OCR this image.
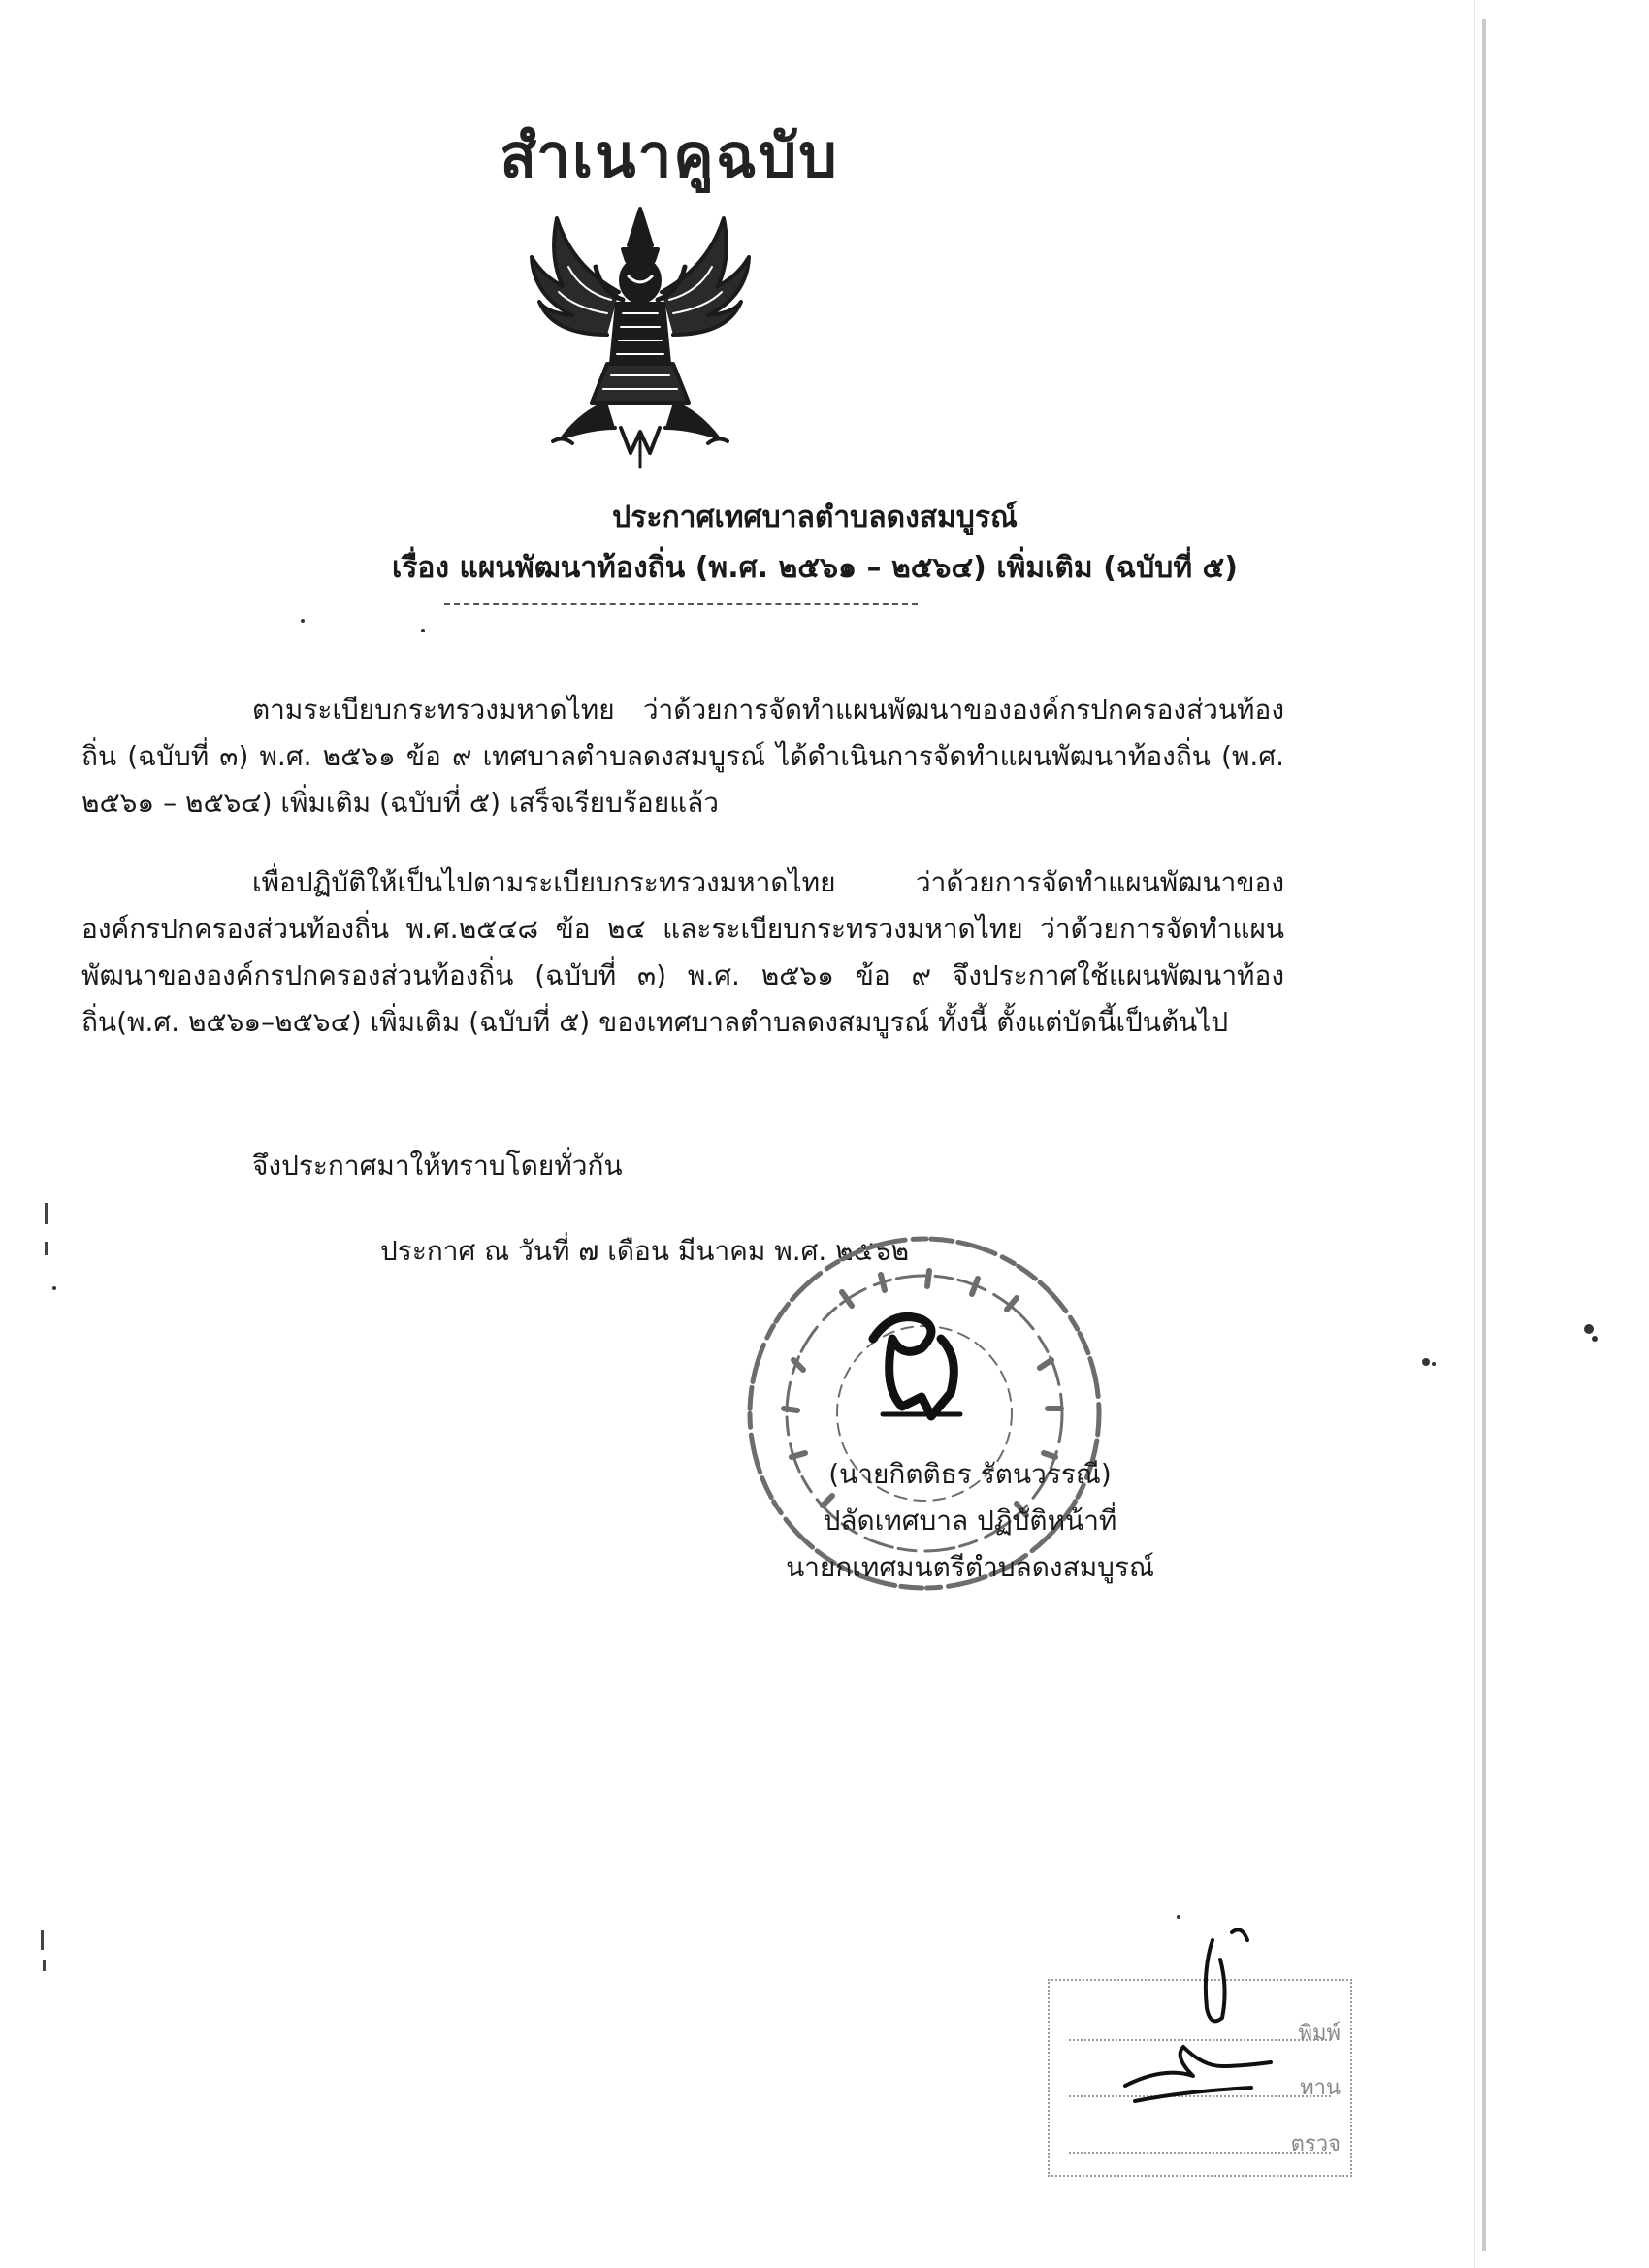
สำเนาคูฉบับ
ประกาศเทศบาลตำบลดงสมบูรณ์
เรื่อง แผนพัฒนาท้องถิ่น (พ.ศ. ๒๕๖๑ – ๒๕๖๔) เพิ่มเติม (ฉบับที่ ๕)
ตามระเบียบกระทรวงมหาดไทย ว่าด้วยการจัดทำแผนพัฒนาขององค์กรปกครองส่วนท้องถิ่น (ฉบับที่ ๓) พ.ศ. ๒๕๖๑ ข้อ ๙ เทศบาลตำบลดงสมบูรณ์ ได้ดำเนินการจัดทำแผนพัฒนาท้องถิ่น (พ.ศ. ๒๕๖๑ – ๒๕๖๔) เพิ่มเติม (ฉบับที่ ๕) เสร็จเรียบร้อยแล้ว
เพื่อปฏิบัติให้เป็นไปตามระเบียบกระทรวงมหาดไทย ว่าด้วยการจัดทำแผนพัฒนาขององค์กรปกครองส่วนท้องถิ่น พ.ศ.๒๕๔๘ ข้อ ๒๔ และระเบียบกระทรวงมหาดไทย ว่าด้วยการจัดทำแผนพัฒนาขององค์กรปกครองส่วนท้องถิ่น (ฉบับที่ ๓) พ.ศ. ๒๕๖๑ ข้อ ๙ จึงประกาศใช้แผนพัฒนาท้องถิ่น(พ.ศ. ๒๕๖๑–๒๕๖๔) เพิ่มเติม (ฉบับที่ ๕) ของเทศบาลตำบลดงสมบูรณ์ ทั้งนี้ ตั้งแต่บัดนี้เป็นต้นไป
จึงประกาศมาให้ทราบโดยทั่วกัน
ประกาศ ณ วันที่ ๗ เดือน มีนาคม พ.ศ. ๒๕๖๒
(นายกิตติธร รัตนวรรณี)
ปลัดเทศบาล ปฏิบัติหน้าที่
นายกเทศมนตรีตำบลดงสมบูรณ์
พิมพ์
ทาน
ตรวจ
